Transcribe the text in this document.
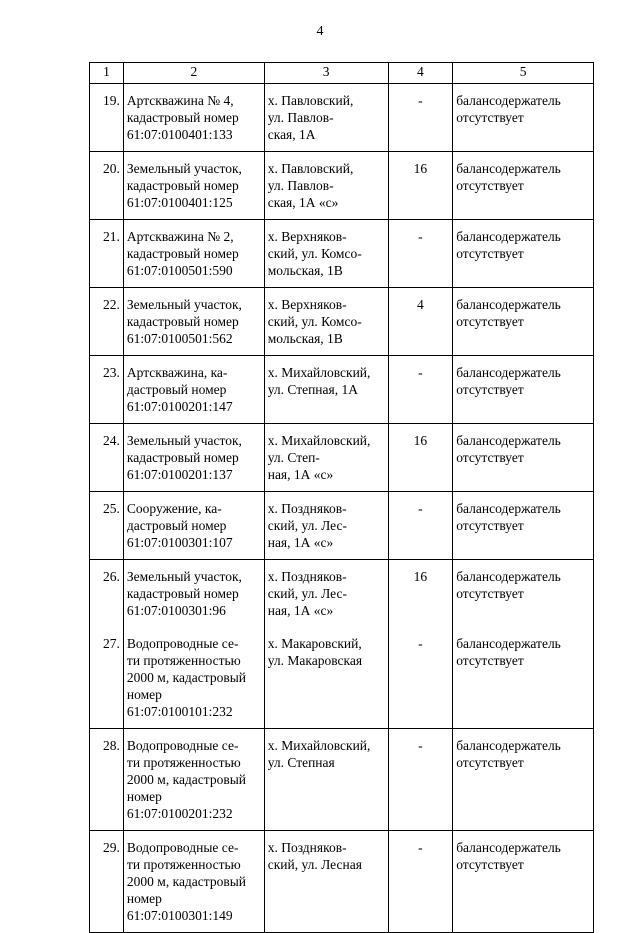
4
1	2	3	4	5
19.	Артскважина № 4,
кадастровый номер
61:07:0100401:133	х. Павловский,
ул. Павлов-
ская, 1А	-	балансодержатель
отсутствует
20.	Земельный участок,
кадастровый номер
61:07:0100401:125	х. Павловский,
ул. Павлов-
ская, 1А «с»	16	балансодержатель
отсутствует
21.	Артскважина № 2,
кадастровый номер
61:07:0100501:590	х. Верхняков-
ский, ул. Комсо-
мольская, 1В	-	балансодержатель
отсутствует
22.	Земельный участок,
кадастровый номер
61:07:0100501:562	х. Верхняков-
ский, ул. Комсо-
мольская, 1В	4	балансодержатель
отсутствует
23.	Артскважина, ка-
дастровый номер
61:07:0100201:147	х. Михайловский,
ул. Степная, 1А	-	балансодержатель
отсутствует
24.	Земельный участок,
кадастровый номер
61:07:0100201:137	х. Михайловский,
ул. Степ-
ная, 1А «с»	16	балансодержатель
отсутствует
25.	Сооружение, ка-
дастровый номер
61:07:0100301:107	х. Поздняков-
ский, ул. Лес-
ная, 1А «с»	-	балансодержатель
отсутствует
26.	Земельный участок,
кадастровый номер
61:07:0100301:96	х. Поздняков-
ский, ул. Лес-
ная, 1А «с»	16	балансодержатель
отсутствует
27.	Водопроводные се-
ти протяженностью
2000 м, кадастровый
номер
61:07:0100101:232	х. Макаровский,
ул. Макаровская	-	балансодержатель
отсутствует
28.	Водопроводные се-
ти протяженностью
2000 м, кадастровый
номер
61:07:0100201:232	х. Михайловский,
ул. Степная	-	балансодержатель
отсутствует
29.	Водопроводные се-
ти протяженностью
2000 м, кадастровый
номер
61:07:0100301:149	х. Поздняков-
ский, ул. Лесная	-	балансодержатель
отсутствует
